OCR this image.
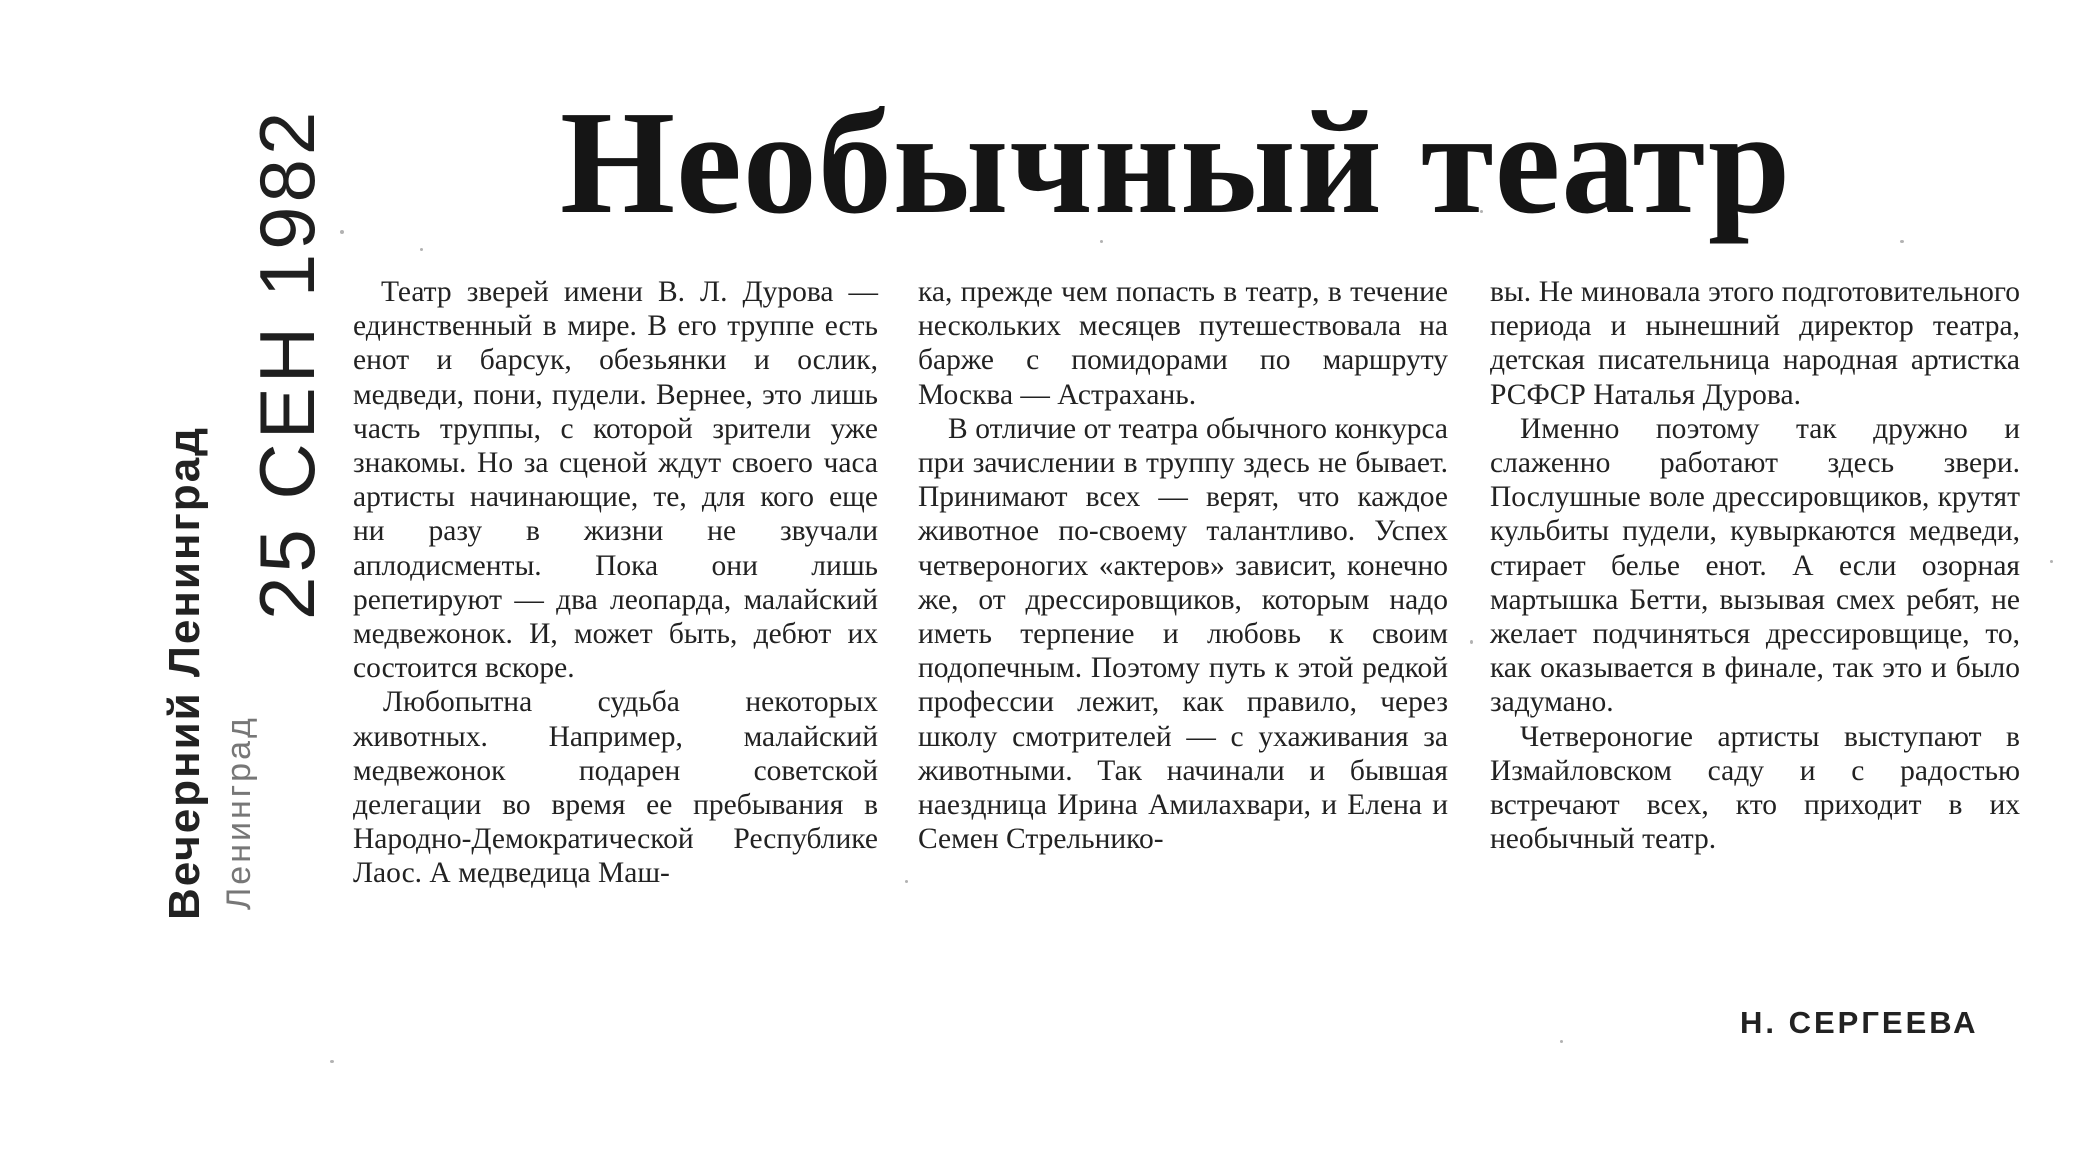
Необычный театр
Вечерний Ленинград Ленинград
25 СЕН 1982	Театр зверей имени В. Л. Дурова — единственный в мире. В его труппе есть енот и барсук, обезьянки и ослик, медведи, пони, пудели. Вернее, это лишь часть труппы, с которой зрители уже знакомы. Но за сценой ждут своего часа артисты начинающие, те, для кого еще ни разу в жизни не звучали аплодисменты. Пока они лишь репетируют — два леопарда, малайский медвежонок. И, может быть, дебют их состоится вскоре.

Любопытна судьба некоторых животных. Например, малайский медвежонок подарен советской делегации во время ее пребывания в Народно-Демократической Республике Лаос. А медведица Маш-

ка, прежде чем попасть в театр, в течение нескольких месяцев путешествовала на барже с помидорами по маршруту Москва — Астрахань.

В отличие от театра обычного конкурса при зачислении в труппу здесь не бывает. Принимают всех — верят, что каждое животное по-своему талантливо. Успех четвероногих «актеров» зависит, конечно же, от дрессировщиков, которым надо иметь терпение и любовь к своим подопечным. Поэтому путь к этой редкой профессии лежит, как правило, через школу смотрителей — с ухаживания за животными. Так начинали и бывшая наездница Ирина Амилахвари, и Елена и Семен Стрельнико-

вы. Не миновала этого подготовительного периода и нынешний директор театра, детская писательница народная артистка РСФСР Наталья Дурова.

Именно поэтому так дружно и слаженно работают здесь звери. Послушные воле дрессировщиков, крутят кульбиты пудели, кувыркаются медведи, стирает белье енот. А если озорная мартышка Бетти, вызывая смех ребят, не желает подчиняться дрессировщице, то, как оказывается в финале, так это и было задумано.

Четвероногие артисты выступают в Измайловском саду и с радостью встречают всех, кто приходит в их необычный театр.

Н. СЕРГЕЕВА
